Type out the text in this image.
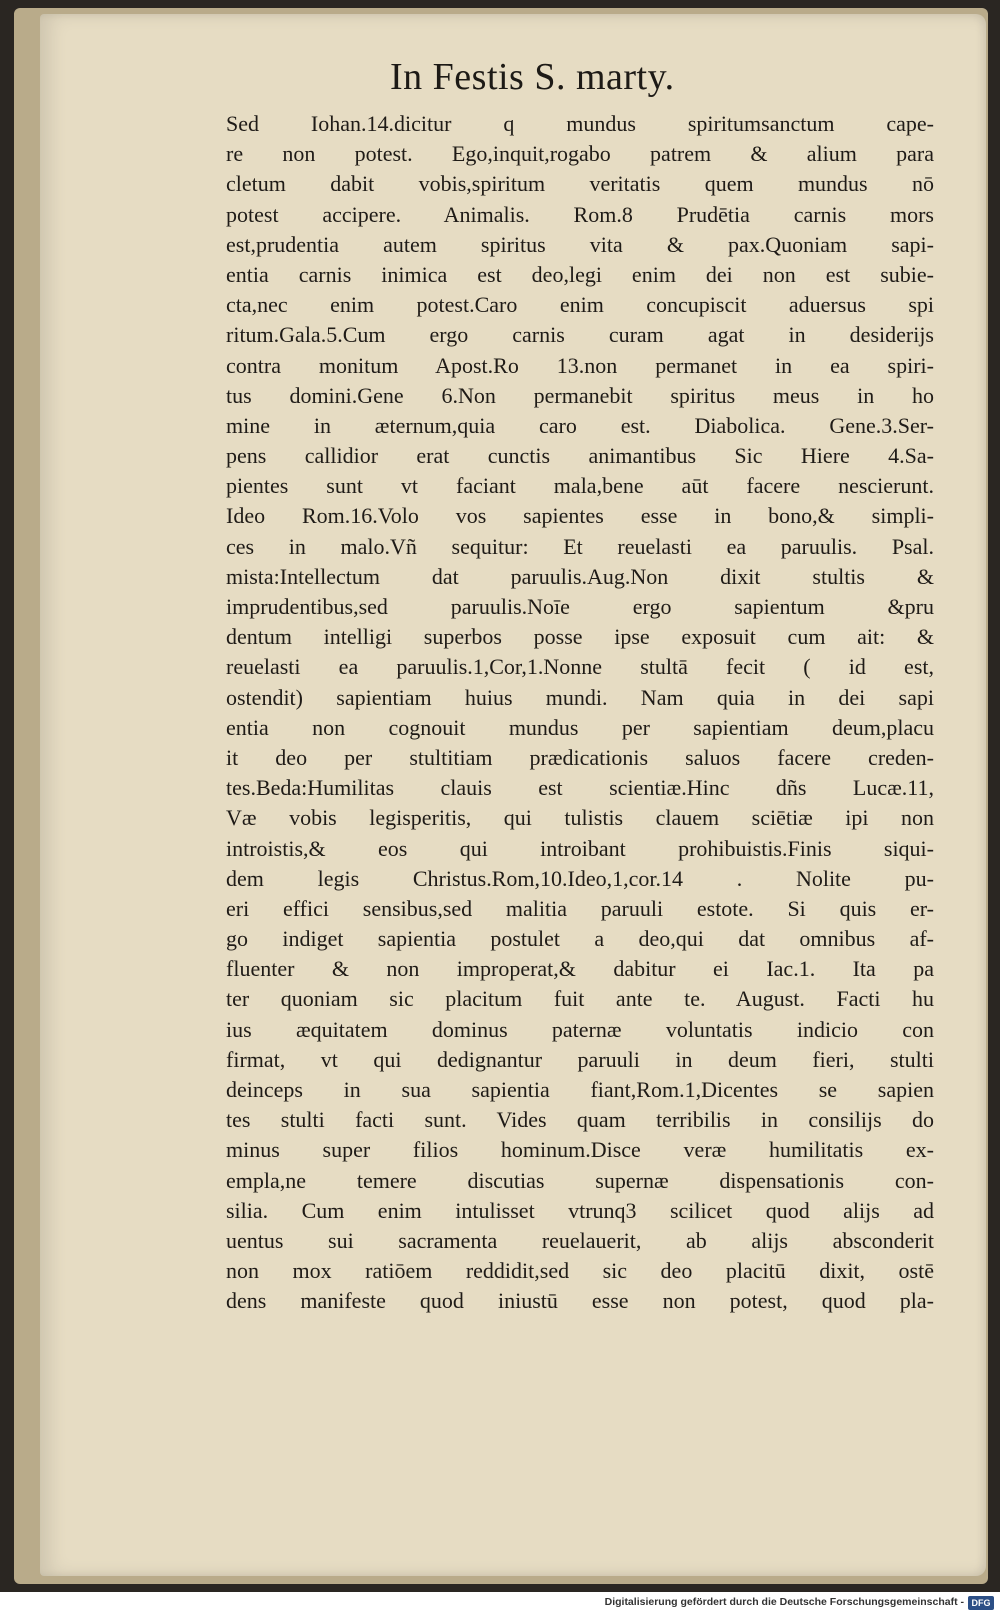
In Festis S. marty.
Sed Iohan.14.dicitur q mundus spiritumsanctum cape-
re non potest. Ego,inquit,rogabo patrem & alium para
cletum dabit vobis,spiritum veritatis quem mundus nō
potest accipere. Animalis. Rom.8 Prudētia carnis mors
est,prudentia autem spiritus vita & pax.Quoniam sapi-
entia carnis inimica est deo,legi enim dei non est subie-
cta,nec enim potest.Caro enim concupiscit aduersus spi
ritum.Gala.5.Cum ergo carnis curam agat in desiderijs
contra monitum Apost.Ro 13.non permanet in ea spiri-
tus domini.Gene 6.Non permanebit spiritus meus in ho
mine in æternum,quia caro est. Diabolica. Gene.3.Ser-
pens callidior erat cunctis animantibus Sic Hiere 4.Sa-
pientes sunt vt faciant mala,bene aūt facere nescierunt.
Ideo Rom.16.Volo vos sapientes esse in bono,& simpli-
ces in malo.Vñ sequitur: Et reuelasti ea paruulis. Psal.
mista:Intellectum dat paruulis.Aug.Non dixit stultis &
imprudentibus,sed paruulis.Noīe ergo sapientum &pru
dentum intelligi superbos posse ipse exposuit cum ait: &
reuelasti ea paruulis.1,Cor,1.Nonne stultā fecit ( id est,
ostendit) sapientiam huius mundi. Nam quia in dei sapi
entia non cognouit mundus per sapientiam deum,placu
it deo per stultitiam prædicationis saluos facere creden-
tes.Beda:Humilitas clauis est scientiæ.Hinc dñs Lucæ.11,
Væ vobis legisperitis, qui tulistis clauem sciētiæ ipi non
introistis,& eos qui introibant prohibuistis.Finis siqui-
dem legis Christus.Rom,10.Ideo,1,cor.14 . Nolite pu-
eri effici sensibus,sed malitia paruuli estote. Si quis er-
go indiget sapientia postulet a deo,qui dat omnibus af-
fluenter & non improperat,& dabitur ei Iac.1. Ita pa
ter quoniam sic placitum fuit ante te. August. Facti hu
ius æquitatem dominus paternæ voluntatis indicio con
firmat, vt qui dedignantur paruuli in deum fieri, stulti
deinceps in sua sapientia fiant,Rom.1,Dicentes se sapien
tes stulti facti sunt. Vides quam terribilis in consilijs do
minus super filios hominum.Disce veræ humilitatis ex-
empla,ne temere discutias supernæ dispensationis con-
silia. Cum enim intulisset vtrunq3 scilicet quod alijs ad
uentus sui sacramenta reuelauerit, ab alijs absconderit
non mox ratiōem reddidit,sed sic deo placitū dixit, ostē
dens manifeste quod iniustū esse non potest, quod pla-
Digitalisierung gefördert durch die Deutsche Forschungsgemeinschaft - DFG
